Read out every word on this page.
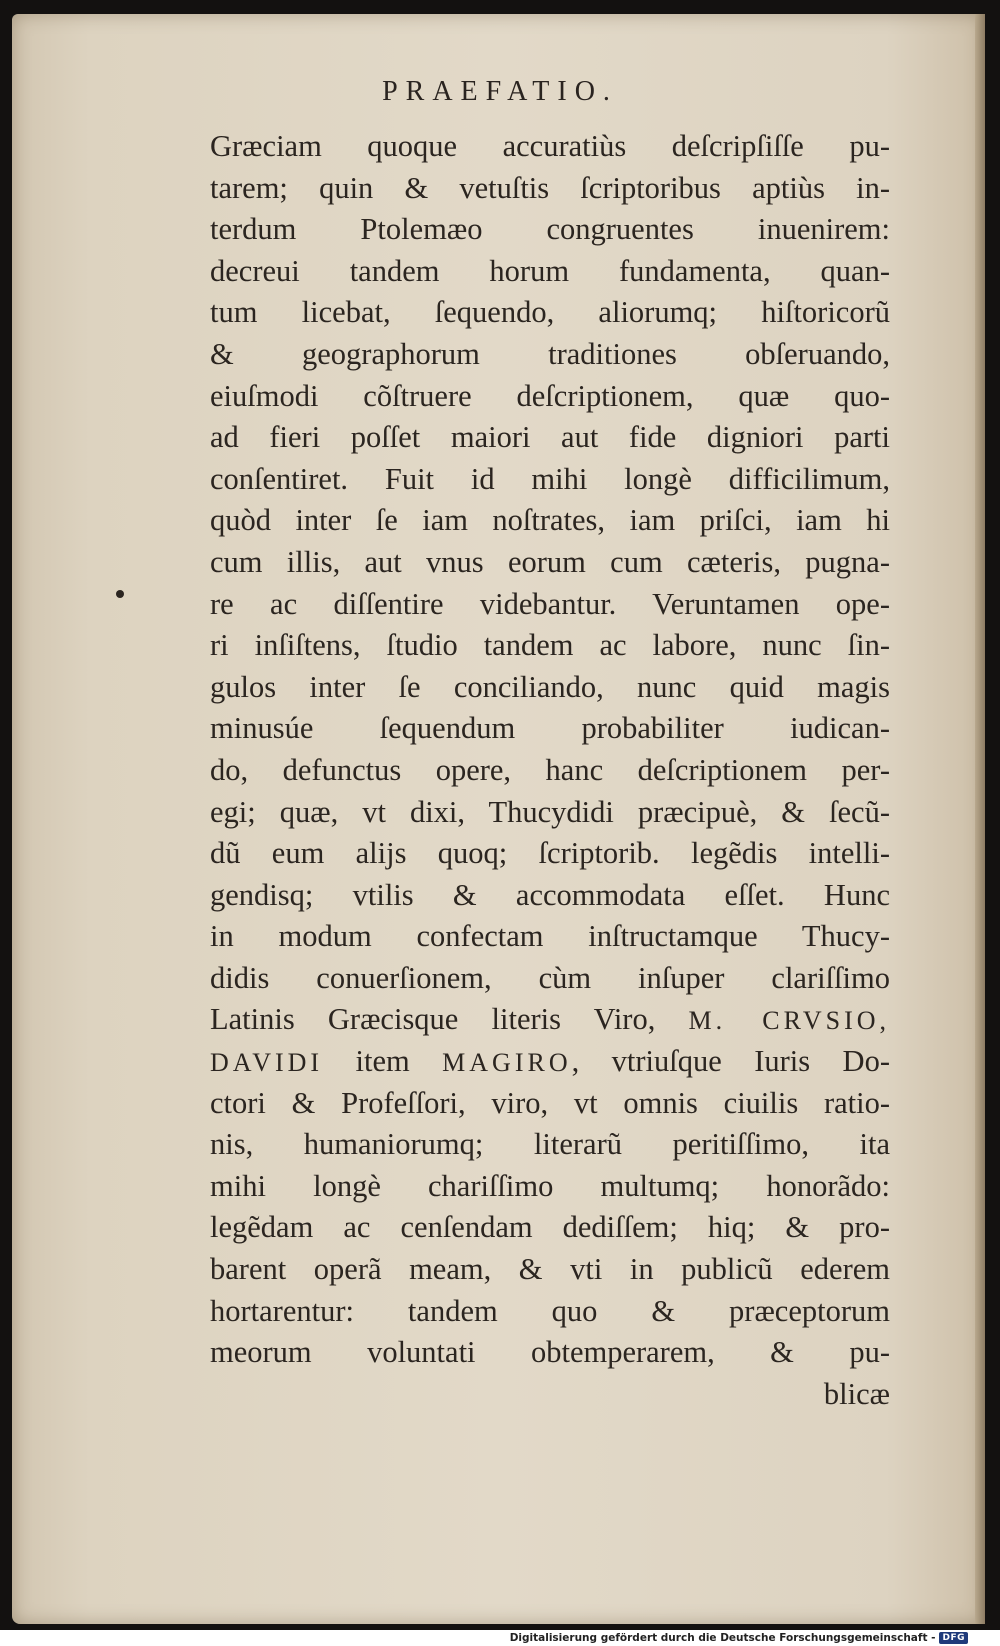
PRAEFATIO.
Græciam quoque accuratiùs deſcripſiſſe pu-
tarem; quin & vetuſtis ſcriptoribus aptiùs in-
terdum Ptolemæo congruentes inuenirem:
decreui tandem horum fundamenta, quan-
tum licebat, ſequendo, aliorumq; hiſtoricorũ
& geographorum traditiones obſeruando,
eiuſmodi cõſtruere deſcriptionem, quæ quo-
ad fieri poſſet maiori aut fide digniori parti
conſentiret. Fuit id mihi longè difficilimum,
quòd inter ſe iam noſtrates, iam priſci, iam hi
cum illis, aut vnus eorum cum cæteris, pugna-
re ac diſſentire videbantur. Veruntamen ope-
ri inſiſtens, ſtudio tandem ac labore, nunc ſin-
gulos inter ſe conciliando, nunc quid magis
minusúe ſequendum probabiliter iudican-
do, defunctus opere, hanc deſcriptionem per-
egi; quæ, vt dixi, Thucydidi præcipuè, & ſecũ-
dũ eum alijs quoq; ſcriptorib. legẽdis intelli-
gendisq; vtilis & accommodata eſſet. Hunc
in modum confectam inſtructamque Thucy-
didis conuerſionem, cùm inſuper clariſſimo
Latinis Græcisque literis Viro, M. CRVSIO,
DAVIDI item MAGIRO, vtriuſque Iuris Do-
ctori & Profeſſori, viro, vt omnis ciuilis ratio-
nis, humaniorumq; literarũ peritiſſimo, ita
mihi longè chariſſimo multumq; honorãdo:
legẽdam ac cenſendam dediſſem; hiq; & pro-
barent operã meam, & vti in publicũ ederem
hortarentur: tandem quo & præceptorum
meorum voluntati obtemperarem, & pu-
blicæ
Digitalisierung gefördert durch die Deutsche Forschungsgemeinschaft - DFG
